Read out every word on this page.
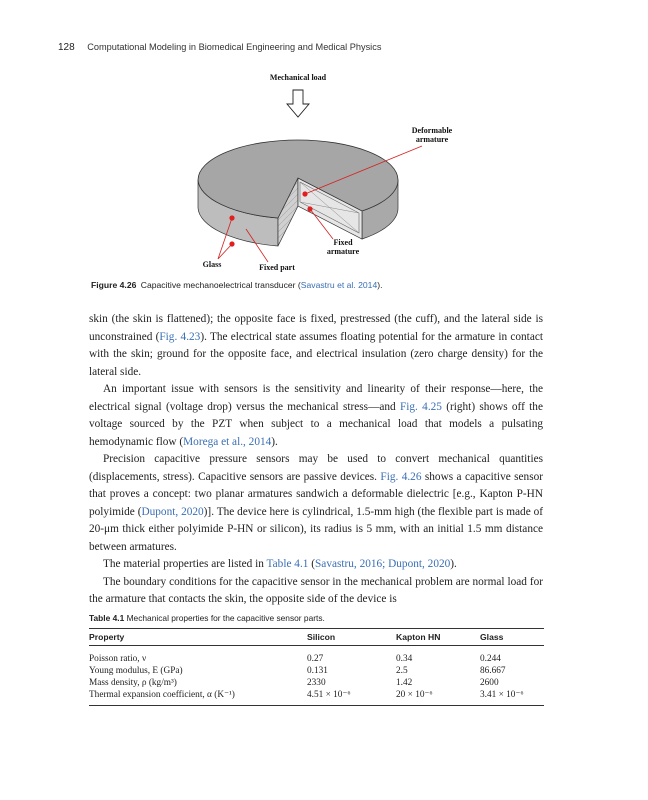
128 Computational Modeling in Biomedical Engineering and Medical Physics
Mechanical load
Deformable
armature
Fixed
armature
Glass	Fixed part
Figure 4.26 Capacitive mechanoelectrical transducer (Savastru et al. 2014).

skin (the skin is flattened); the opposite face is fixed, prestressed (the cuff), and the lateral side is unconstrained (Fig. 4.23). The electrical state assumes floating potential for the armature in contact with the skin; ground for the opposite face, and electrical insulation (zero charge density) for the lateral side.

An important issue with sensors is the sensitivity and linearity of their response—here, the electrical signal (voltage drop) versus the mechanical stress—and Fig. 4.25 (right) shows off the voltage sourced by the PZT when subject to a mechanical load that models a pulsating hemodynamic flow (Morega et al., 2014).

Precision capacitive pressure sensors may be used to convert mechanical quantities (displacements, stress). Capacitive sensors are passive devices. Fig. 4.26 shows a capacitive sensor that proves a concept: two planar armatures sandwich a deformable dielectric [e.g., Kapton P-HN polyimide (Dupont, 2020)]. The device here is cylindrical, 1.5-mm high (the flexible part is made of 20-μm thick either polyimide P-HN or silicon), its radius is 5 mm, with an initial 1.5 mm distance between armatures.

The material properties are listed in Table 4.1 (Savastru, 2016; Dupont, 2020).

The boundary conditions for the capacitive sensor in the mechanical problem are normal load for the armature that contacts the skin, the opposite side of the device is

Table 4.1 Mechanical properties for the capacitive sensor parts.
Property	Silicon	Kapton HN	Glass
Poisson ratio, ν	0.27	0.34	0.244
Young modulus, E (GPa)	0.131	2.5	86.667
Mass density, ρ (kg/m³)	2330	1.42	2600
Thermal expansion coefficient, α (K⁻¹)	4.51 × 10⁻⁶	20 × 10⁻⁶	3.41 × 10⁻⁶
